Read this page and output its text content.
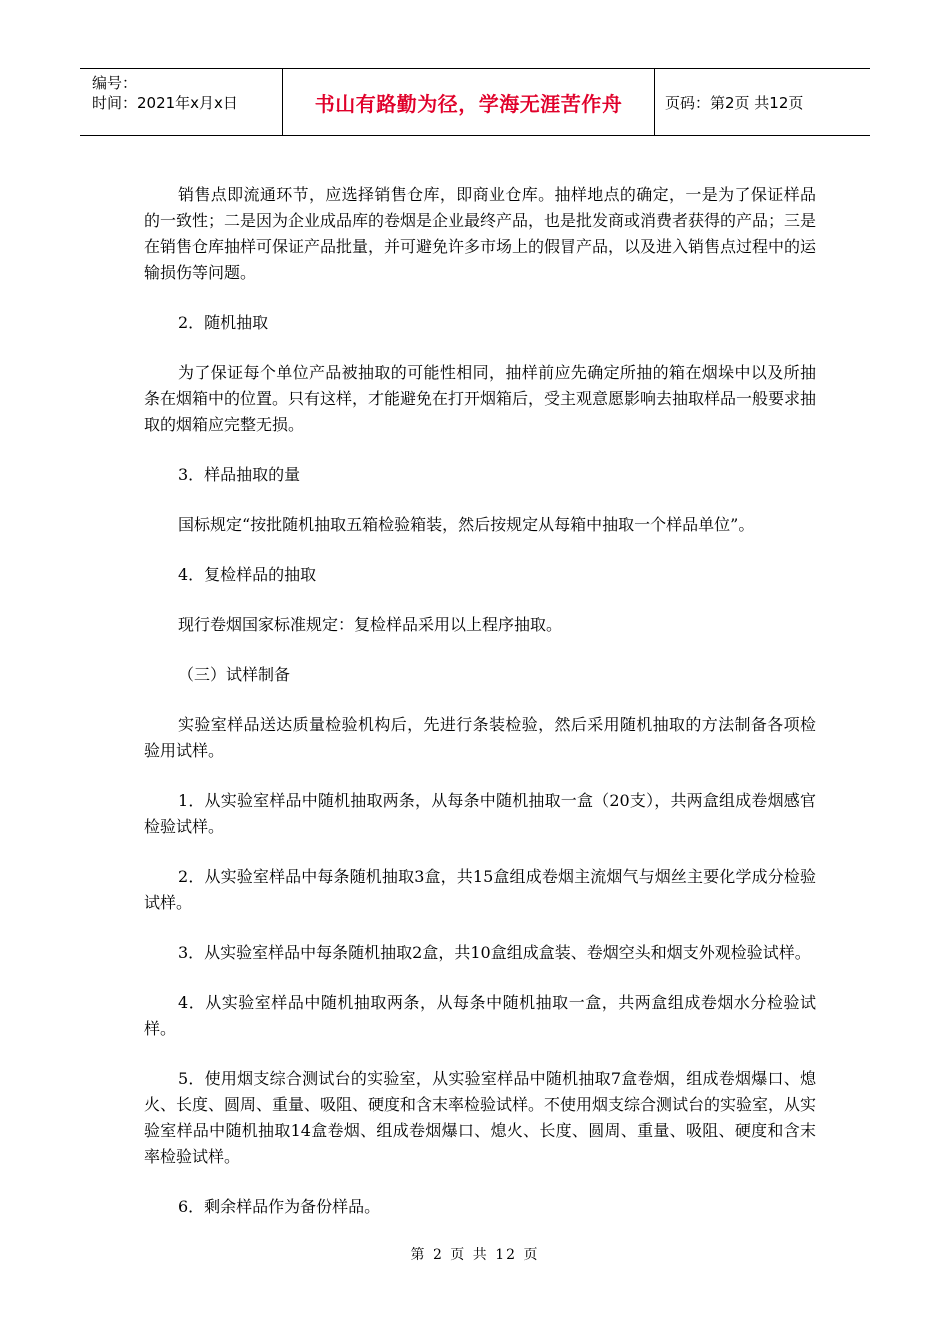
编号：
时间：2021年x月x日	书山有路勤为径，学海无涯苦作舟	页码：第2页 共12页

销售点即流通环节，应选择销售仓库，即商业仓库。抽样地点的确定，一是为了保证样品的一致性；二是因为企业成品库的卷烟是企业最终产品，也是批发商或消费者获得的产品；三是在销售仓库抽样可保证产品批量，并可避免许多市场上的假冒产品，以及进入销售点过程中的运输损伤等问题。

2．随机抽取

为了保证每个单位产品被抽取的可能性相同，抽样前应先确定所抽的箱在烟垛中以及所抽条在烟箱中的位置。只有这样，才能避免在打开烟箱后，受主观意愿影响去抽取样品一般要求抽取的烟箱应完整无损。

3．样品抽取的量

国标规定“按批随机抽取五箱检验箱装，然后按规定从每箱中抽取一个样品单位”。

4．复检样品的抽取

现行卷烟国家标准规定：复检样品采用以上程序抽取。

（三）试样制备

实验室样品送达质量检验机构后，先进行条装检验，然后采用随机抽取的方法制备各项检验用试样。

1．从实验室样品中随机抽取两条，从每条中随机抽取一盒（20支），共两盒组成卷烟感官检验试样。

2．从实验室样品中每条随机抽取3盒，共15盒组成卷烟主流烟气与烟丝主要化学成分检验试样。

3．从实验室样品中每条随机抽取2盒，共10盒组成盒装、卷烟空头和烟支外观检验试样。

4．从实验室样品中随机抽取两条，从每条中随机抽取一盒，共两盒组成卷烟水分检验试样。

5．使用烟支综合测试台的实验室，从实验室样品中随机抽取7盒卷烟，组成卷烟爆口、熄火、长度、圆周、重量、吸阻、硬度和含末率检验试样。不使用烟支综合测试台的实验室，从实验室样品中随机抽取14盒卷烟、组成卷烟爆口、熄火、长度、圆周、重量、吸阻、硬度和含末率检验试样。

6．剩余样品作为备份样品。

第 2 页 共 12 页
